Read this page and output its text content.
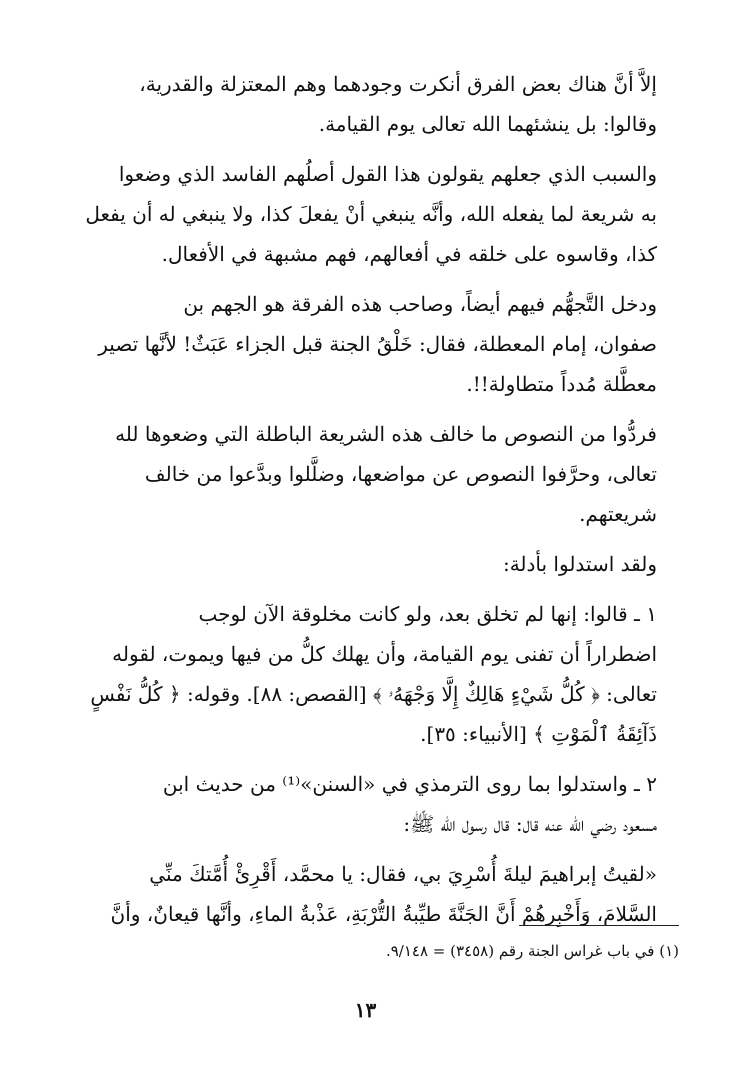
إلاَّ أنَّ هناك بعض الفرق أنكرت وجودهما وهم المعتزلة والقدرية،
وقالوا: بل ينشئهما الله تعالى يوم القيامة.

والسبب الذي جعلهم يقولون هذا القول أصلُهم الفاسد الذي وضعوا
به شريعة لما يفعله الله، وأنَّه ينبغي أنْ يفعلَ كذا، ولا ينبغي له أن يفعل
كذا، وقاسوه على خلقه في أفعالهم، فهم مشبهة في الأفعال.

ودخل التَّجهُّم فيهم أيضاً، وصاحب هذه الفرقة هو الجهم بن
صفوان، إمام المعطلة، فقال: خَلْقُ الجنة قبل الجزاء عَبَثٌ! لأنَّها تصير
معطَّلة مُدداً متطاولة!!.

فردُّوا من النصوص ما خالف هذه الشريعة الباطلة التي وضعوها لله
تعالى، وحرَّفوا النصوص عن مواضعها، وضلَّلوا وبدَّعوا من خالف
شريعتهم.

ولقد استدلوا بأدلة:

١ ـ قالوا: إنها لم تخلق بعد، ولو كانت مخلوقة الآن لوجب
اضطراراً أن تفنى يوم القيامة، وأن يهلك كلُّ من فيها ويموت، لقوله
تعالى: ﴿ كُلُّ شَيْءٍ هَالِكٌ إِلَّا وَجْهَهُۥ ﴾ [القصص: ٨٨]. وقوله: ﴿ كُلُّ نَفْسٍ
ذَآئِقَةُ ٱلْمَوْتِ ﴾ [الأنبياء: ٣٥].

٢ ـ واستدلوا بما روى الترمذي في «السنن»⁽¹⁾ من حديث ابن
مسعود رضي الله عنه قال: قال رسول الله ﷺ:

«لقيتُ إبراهيمَ ليلةَ أُسْرِيَ بي، فقال: يا محمَّد، أَقْرِئْ أُمَّتكَ منِّي
السَّلامَ، وَأَخْبِرهُمْ أَنَّ الجَنَّةَ طيِّبةُ التُّرْبَةِ، عَذْبةُ الماءِ، وأنَّها قيعانٌ، وأنَّ

(١) في باب غراس الجنة رقم (٣٤٥٨) = ٩/١٤٨.
١٣
